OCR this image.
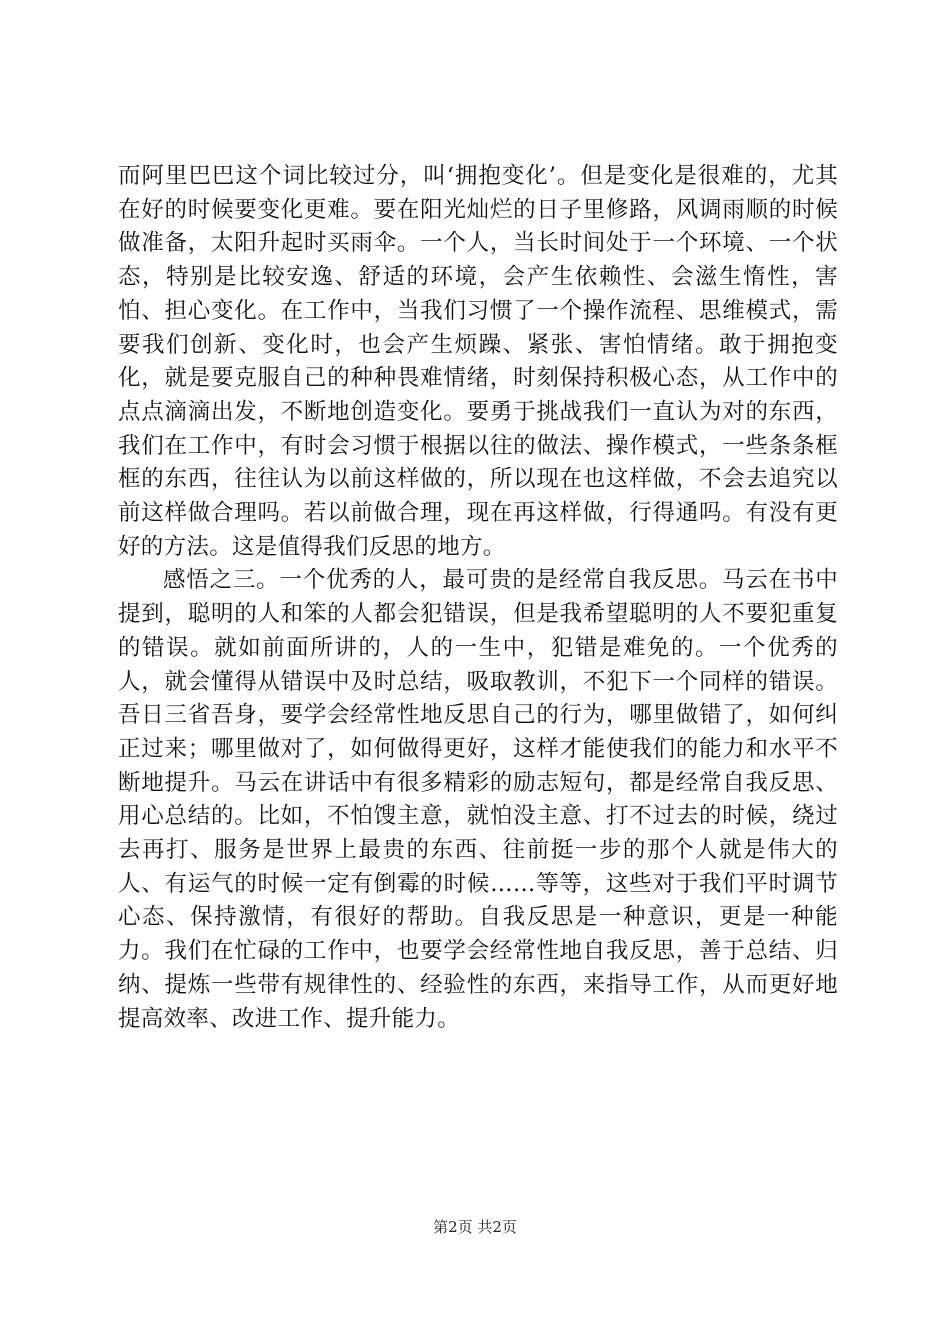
而阿里巴巴这个词比较过分，叫‘拥抱变化’。但是变化是很难的，尤其在好的时候要变化更难。要在阳光灿烂的日子里修路，风调雨顺的时候做准备，太阳升起时买雨伞。一个人，当长时间处于一个环境、一个状态，特别是比较安逸、舒适的环境，会产生依赖性、会滋生惰性，害怕、担心变化。在工作中，当我们习惯了一个操作流程、思维模式，需要我们创新、变化时，也会产生烦躁、紧张、害怕情绪。敢于拥抱变化，就是要克服自己的种种畏难情绪，时刻保持积极心态，从工作中的点点滴滴出发，不断地创造变化。要勇于挑战我们一直认为对的东西，我们在工作中，有时会习惯于根据以往的做法、操作模式，一些条条框框的东西，往往认为以前这样做的，所以现在也这样做，不会去追究以前这样做合理吗。若以前做合理，现在再这样做，行得通吗。有没有更好的方法。这是值得我们反思的地方。

感悟之三。一个优秀的人，最可贵的是经常自我反思。马云在书中提到，聪明的人和笨的人都会犯错误，但是我希望聪明的人不要犯重复的错误。就如前面所讲的，人的一生中，犯错是难免的。一个优秀的人，就会懂得从错误中及时总结，吸取教训，不犯下一个同样的错误。吾日三省吾身，要学会经常性地反思自己的行为，哪里做错了，如何纠正过来；哪里做对了，如何做得更好，这样才能使我们的能力和水平不断地提升。马云在讲话中有很多精彩的励志短句，都是经常自我反思、用心总结的。比如，不怕馊主意，就怕没主意、打不过去的时候，绕过去再打、服务是世界上最贵的东西、往前挺一步的那个人就是伟大的人、有运气的时候一定有倒霉的时候……等等，这些对于我们平时调节心态、保持激情，有很好的帮助。自我反思是一种意识，更是一种能力。我们在忙碌的工作中，也要学会经常性地自我反思，善于总结、归纳、提炼一些带有规律性的、经验性的东西，来指导工作，从而更好地提高效率、改进工作、提升能力。

第2页 共2页
